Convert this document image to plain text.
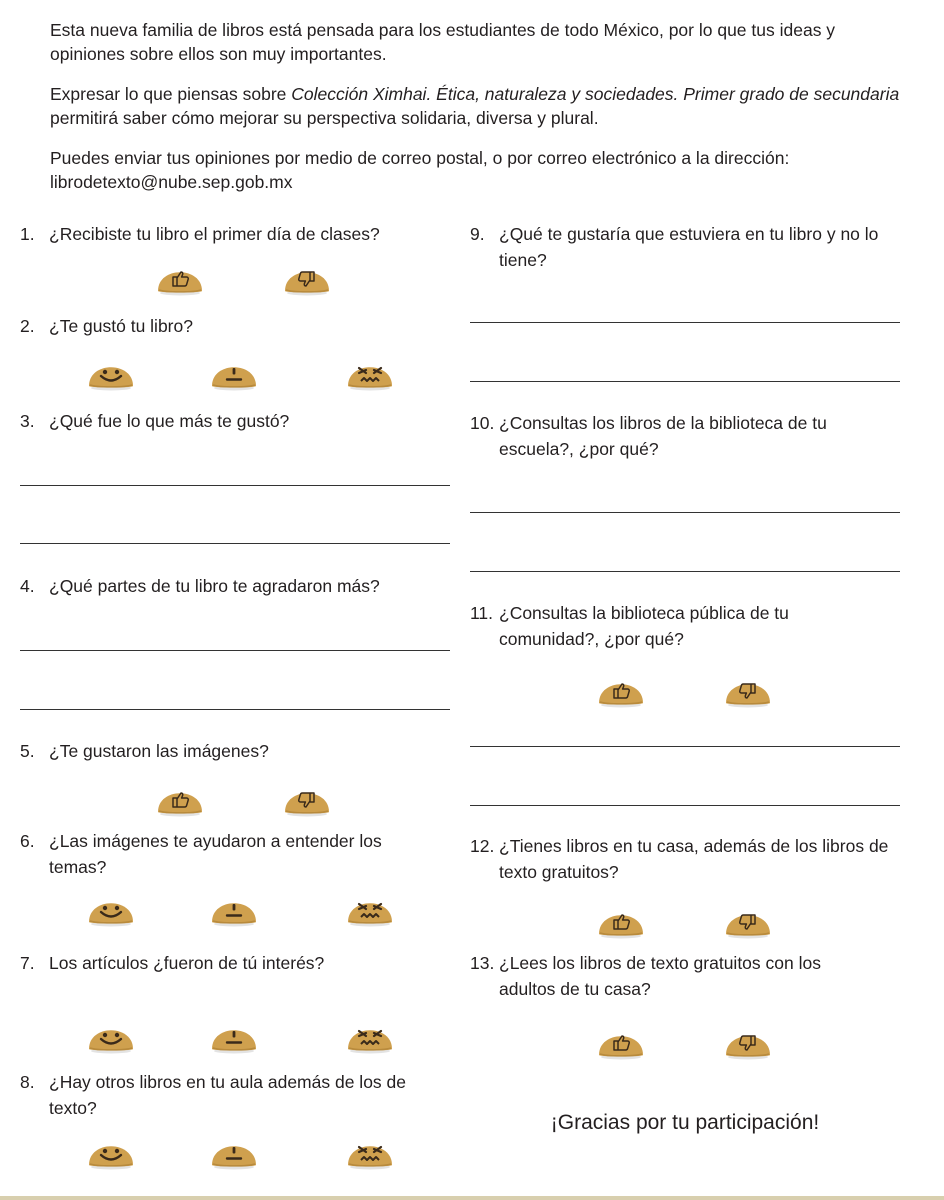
Esta nueva familia de libros está pensada para los estudiantes de todo México, por lo que tus ideas y opiniones sobre ellos son muy importantes.

Expresar lo que piensas sobre Colección Ximhai. Ética, naturaleza y sociedades. Primer grado de secundaria permitirá saber cómo mejorar su perspectiva solidaria, diversa y plural.

Puedes enviar tus opiniones por medio de correo postal, o por correo electrónico a la dirección: librodetexto@nube.sep.gob.mx

1. ¿Recibiste tu libro el primer día de clases?
2. ¿Te gustó tu libro?
3. ¿Qué fue lo que más te gustó?
4. ¿Qué partes de tu libro te agradaron más?
5. ¿Te gustaron las imágenes?
6. ¿Las imágenes te ayudaron a entender los temas?
7. Los artículos ¿fueron de tú interés?
8. ¿Hay otros libros en tu aula además de los de texto?
9. ¿Qué te gustaría que estuviera en tu libro y no lo tiene?
10. ¿Consultas los libros de la biblioteca de tu escuela?, ¿por qué?
11. ¿Consultas la biblioteca pública de tu comunidad?, ¿por qué?
12. ¿Tienes libros en tu casa, además de los libros de texto gratuitos?
13. ¿Lees los libros de texto gratuitos con los adultos de tu casa?
¡Gracias por tu participación!
